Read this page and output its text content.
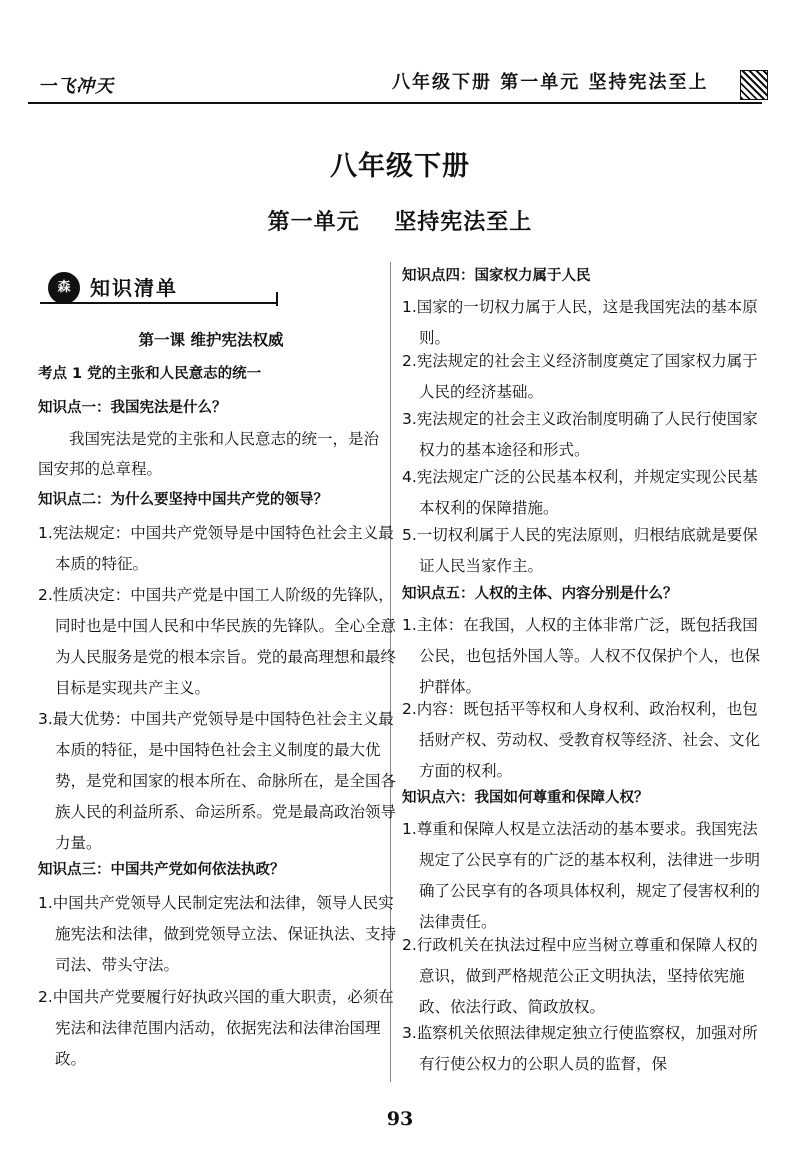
一飞冲天	八年级下册 第一单元 坚持宪法至上
八年级下册
第一单元    坚持宪法至上
森 知识清单
第一课 维护宪法权威
考点 1 党的主张和人民意志的统一
知识点一：我国宪法是什么？
我国宪法是党的主张和人民意志的统一，是治国安邦的总章程。
知识点二：为什么要坚持中国共产党的领导？
1.宪法规定：中国共产党领导是中国特色社会主义最本质的特征。
2.性质决定：中国共产党是中国工人阶级的先锋队，同时也是中国人民和中华民族的先锋队。全心全意为人民服务是党的根本宗旨。党的最高理想和最终目标是实现共产主义。
3.最大优势：中国共产党领导是中国特色社会主义最本质的特征，是中国特色社会主义制度的最大优势，是党和国家的根本所在、命脉所在，是全国各族人民的利益所系、命运所系。党是最高政治领导力量。
知识点三：中国共产党如何依法执政？
1.中国共产党领导人民制定宪法和法律，领导人民实施宪法和法律，做到党领导立法、保证执法、支持司法、带头守法。
2.中国共产党要履行好执政兴国的重大职责，必须在宪法和法律范围内活动，依据宪法和法律治国理政。
知识点四：国家权力属于人民
1.国家的一切权力属于人民，这是我国宪法的基本原则。
2.宪法规定的社会主义经济制度奠定了国家权力属于人民的经济基础。
3.宪法规定的社会主义政治制度明确了人民行使国家权力的基本途径和形式。
4.宪法规定广泛的公民基本权利，并规定实现公民基本权利的保障措施。
5.一切权利属于人民的宪法原则，归根结底就是要保证人民当家作主。
知识点五：人权的主体、内容分别是什么？
1.主体：在我国，人权的主体非常广泛，既包括我国公民，也包括外国人等。人权不仅保护个人，也保护群体。
2.内容：既包括平等权和人身权利、政治权利，也包括财产权、劳动权、受教育权等经济、社会、文化方面的权利。
知识点六：我国如何尊重和保障人权？
1.尊重和保障人权是立法活动的基本要求。我国宪法规定了公民享有的广泛的基本权利，法律进一步明确了公民享有的各项具体权利，规定了侵害权利的法律责任。
2.行政机关在执法过程中应当树立尊重和保障人权的意识，做到严格规范公正文明执法，坚持依宪施政、依法行政、简政放权。
3.监察机关依照法律规定独立行使监察权，加强对所有行使公权力的公职人员的监督，保
93
